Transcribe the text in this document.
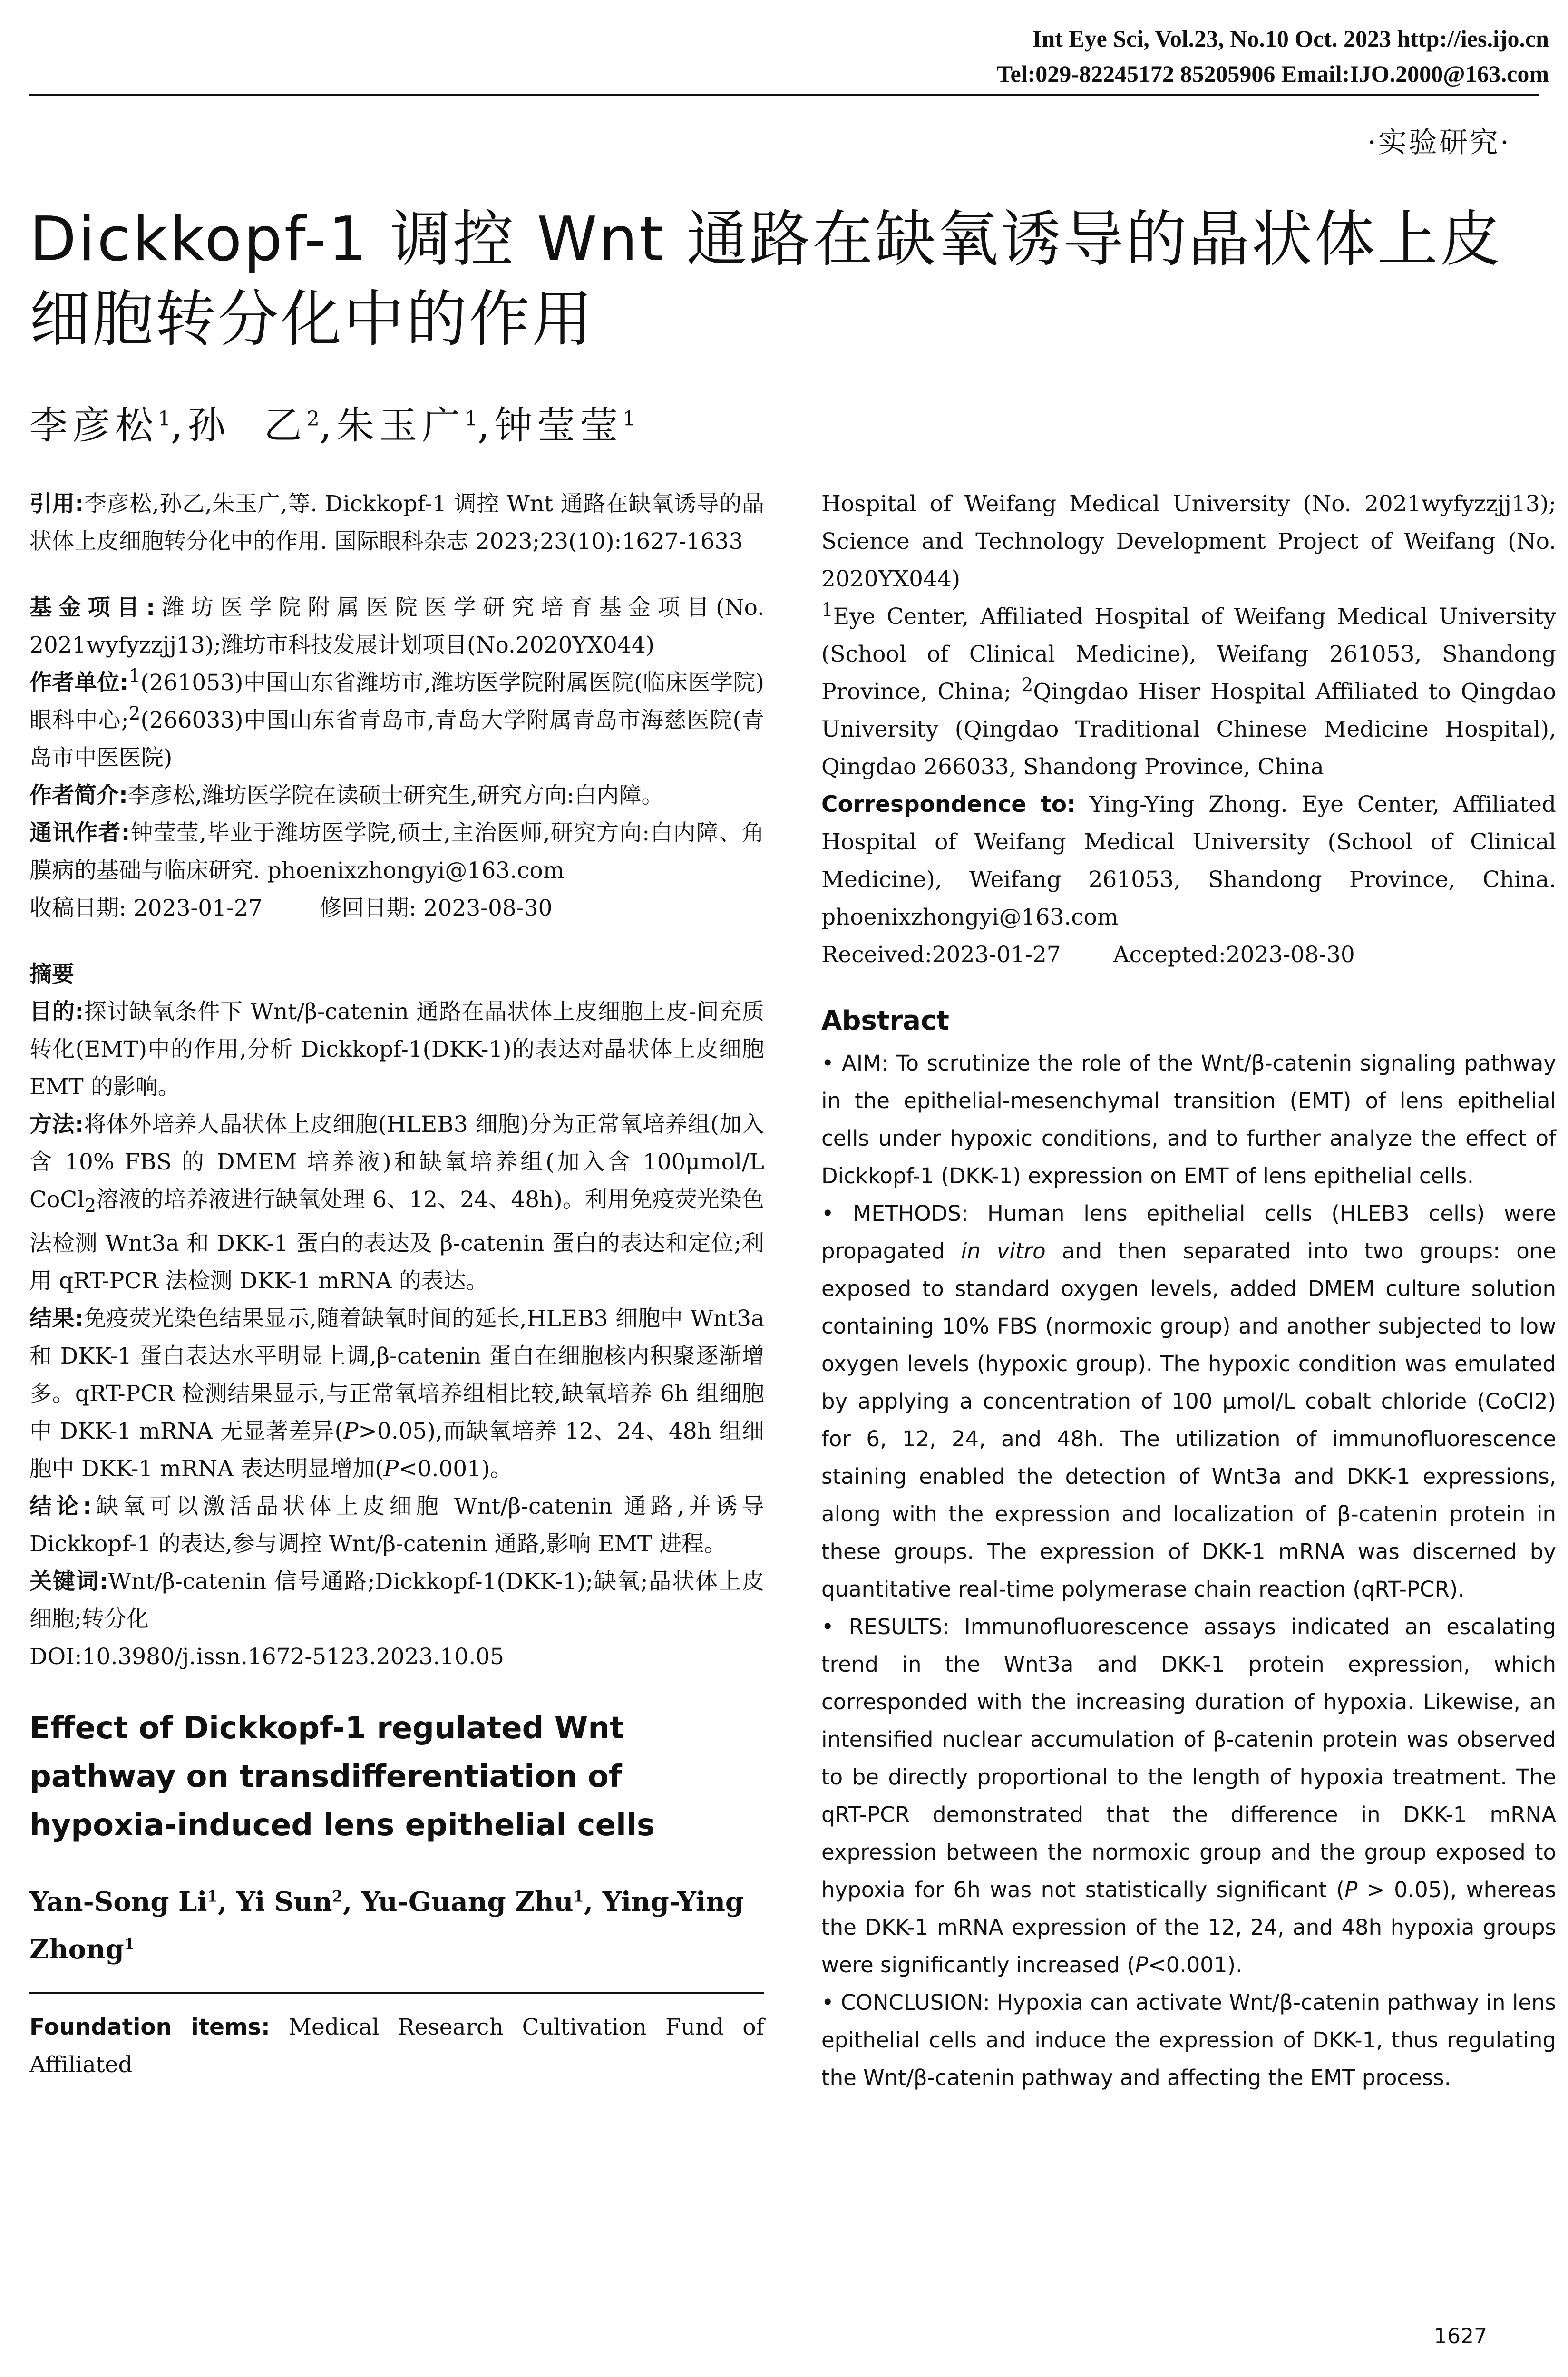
Int Eye Sci, Vol.23, No.10 Oct. 2023 http://ies.ijo.cn
Tel:029-82245172 85205906 Email:IJO.2000@163.com
·实验研究·
Dickkopf-1 调控 Wnt 通路在缺氧诱导的晶状体上皮细胞转分化中的作用
李彦松$^1$,孙  乙$^2$,朱玉广$^1$,钟莹莹$^1$

引用:李彦松,孙乙,朱玉广,等. Dickkopf-1 调控 Wnt 通路在缺氧诱导的晶状体上皮细胞转分化中的作用. 国际眼科杂志 2023;23(10):1627-1633

基金项目:潍坊医学院附属医院医学研究培育基金项目(No. 2021wyfyzzjj13);潍坊市科技发展计划项目(No.2020YX044)

作者单位:$^1$(261053)中国山东省潍坊市,潍坊医学院附属医院(临床医学院)眼科中心;$^2$(266033)中国山东省青岛市,青岛大学附属青岛市海慈医院(青岛市中医医院)

作者简介:李彦松,潍坊医学院在读硕士研究生,研究方向:白内障。

通讯作者:钟莹莹,毕业于潍坊医学院,硕士,主治医师,研究方向:白内障、角膜病的基础与临床研究. phoenixzhongyi@163.com

收稿日期: 2023-01-27	修回日期: 2023-08-30

摘要

目的:探讨缺氧条件下 Wnt/β-catenin 通路在晶状体上皮细胞上皮-间充质转化(EMT)中的作用,分析 Dickkopf-1(DKK-1)的表达对晶状体上皮细胞 EMT 的影响。

方法:将体外培养人晶状体上皮细胞(HLEB3 细胞)分为正常氧培养组(加入含 10% FBS 的 DMEM 培养液)和缺氧培养组(加入含 100μmol/L CoCl$_2$溶液的培养液进行缺氧处理 6、12、24、48h)。利用免疫荧光染色法检测 Wnt3a 和 DKK-1 蛋白的表达及 β-catenin 蛋白的表达和定位;利用 qRT-PCR 法检测 DKK-1 mRNA 的表达。

结果:免疫荧光染色结果显示,随着缺氧时间的延长,HLEB3 细胞中 Wnt3a 和 DKK-1 蛋白表达水平明显上调,β-catenin 蛋白在细胞核内积聚逐渐增多。qRT-PCR 检测结果显示,与正常氧培养组相比较,缺氧培养 6h 组细胞中 DKK-1 mRNA 无显著差异(P>0.05),而缺氧培养 12、24、48h 组细胞中 DKK-1 mRNA 表达明显增加(P<0.001)。

结论:缺氧可以激活晶状体上皮细胞 Wnt/β-catenin 通路,并诱导 Dickkopf-1 的表达,参与调控 Wnt/β-catenin 通路,影响 EMT 进程。

关键词:Wnt/β-catenin 信号通路;Dickkopf-1(DKK-1);缺氧;晶状体上皮细胞;转分化

DOI:10.3980/j.issn.1672-5123.2023.10.05

Effect of Dickkopf-1 regulated Wnt pathway on transdifferentiation of hypoxia-induced lens epithelial cells

Yan-Song Li$^1$, Yi Sun$^2$, Yu-Guang Zhu$^1$, Ying-Ying Zhong$^1$

Foundation items: Medical Research Cultivation Fund of Affiliated

Hospital of Weifang Medical University (No. 2021wyfyzzjj13); Science and Technology Development Project of Weifang (No. 2020YX044)

$^1$Eye Center, Affiliated Hospital of Weifang Medical University (School of Clinical Medicine), Weifang 261053, Shandong Province, China; $^2$Qingdao Hiser Hospital Affiliated to Qingdao University (Qingdao Traditional Chinese Medicine Hospital), Qingdao 266033, Shandong Province, China

Correspondence to: Ying-Ying Zhong. Eye Center, Affiliated Hospital of Weifang Medical University (School of Clinical Medicine), Weifang 261053, Shandong Province, China. phoenixzhongyi@163.com

Received:2023-01-27 Accepted:2023-08-30

Abstract

• AIM: To scrutinize the role of the Wnt/β-catenin signaling pathway in the epithelial-mesenchymal transition (EMT) of lens epithelial cells under hypoxic conditions, and to further analyze the effect of Dickkopf-1 (DKK-1) expression on EMT of lens epithelial cells.

• METHODS: Human lens epithelial cells (HLEB3 cells) were propagated in vitro and then separated into two groups: one exposed to standard oxygen levels, added DMEM culture solution containing 10% FBS (normoxic group) and another subjected to low oxygen levels (hypoxic group). The hypoxic condition was emulated by applying a concentration of 100 μmol/L cobalt chloride (CoCl2) for 6, 12, 24, and 48h. The utilization of immunofluorescence staining enabled the detection of Wnt3a and DKK-1 expressions, along with the expression and localization of β-catenin protein in these groups. The expression of DKK-1 mRNA was discerned by quantitative real-time polymerase chain reaction (qRT-PCR).

• RESULTS: Immunofluorescence assays indicated an escalating trend in the Wnt3a and DKK-1 protein expression, which corresponded with the increasing duration of hypoxia. Likewise, an intensified nuclear accumulation of β-catenin protein was observed to be directly proportional to the length of hypoxia treatment. The qRT-PCR demonstrated that the difference in DKK-1 mRNA expression between the normoxic group and the group exposed to hypoxia for 6h was not statistically significant (P > 0.05), whereas the DKK-1 mRNA expression of the 12, 24, and 48h hypoxia groups were significantly increased (P<0.001).

• CONCLUSION: Hypoxia can activate Wnt/β-catenin pathway in lens epithelial cells and induce the expression of DKK-1, thus regulating the Wnt/β-catenin pathway and affecting the EMT process.

1627
